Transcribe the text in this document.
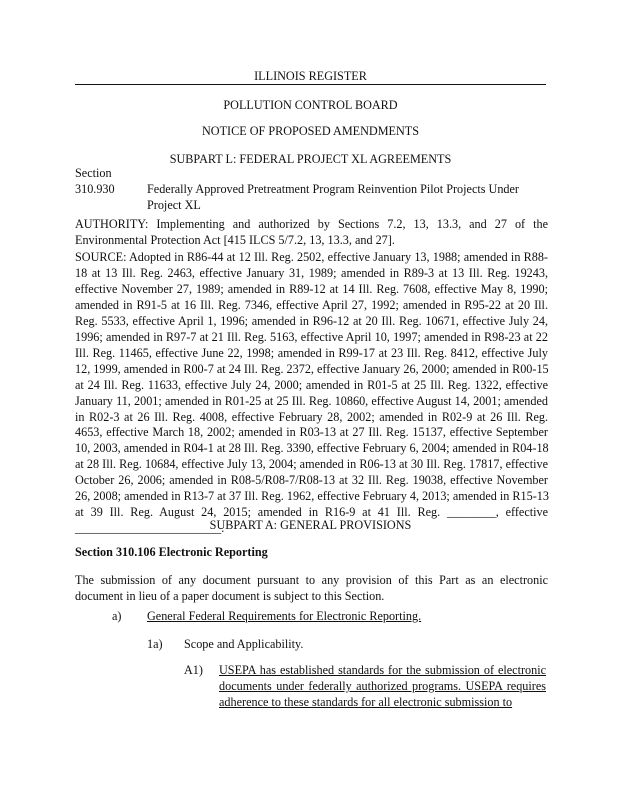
ILLINOIS REGISTER
POLLUTION CONTROL BOARD
NOTICE OF PROPOSED AMENDMENTS
SUBPART L: FEDERAL PROJECT XL AGREEMENTS
Section
310.930	Federally Approved Pretreatment Program Reinvention Pilot Projects Under Project XL
AUTHORITY: Implementing and authorized by Sections 7.2, 13, 13.3, and 27 of the Environmental Protection Act [415 ILCS 5/7.2, 13, 13.3, and 27].
SOURCE: Adopted in R86-44 at 12 Ill. Reg. 2502, effective January 13, 1988; amended in R88-
18 at 13 Ill. Reg. 2463, effective January 31, 1989; amended in R89-3 at 13 Ill. Reg. 19243,
effective November 27, 1989; amended in R89-12 at 14 Ill. Reg. 7608, effective May 8, 1990;
amended in R91-5 at 16 Ill. Reg. 7346, effective April 27, 1992; amended in R95-22 at 20 Ill.
Reg. 5533, effective April 1, 1996; amended in R96-12 at 20 Ill. Reg. 10671, effective July 24,
1996; amended in R97-7 at 21 Ill. Reg. 5163, effective April 10, 1997; amended in R98-23 at 22
Ill. Reg. 11465, effective June 22, 1998; amended in R99-17 at 23 Ill. Reg. 8412, effective July
12, 1999, amended in R00-7 at 24 Ill. Reg. 2372, effective January 26, 2000; amended in R00-15
at 24 Ill. Reg. 11633, effective July 24, 2000; amended in R01-5 at 25 Ill. Reg. 1322, effective
January 11, 2001; amended in R01-25 at 25 Ill. Reg. 10860, effective August 14, 2001; amended
in R02-3 at 26 Ill. Reg. 4008, effective February 28, 2002; amended in R02-9 at 26 Ill. Reg.
4653, effective March 18, 2002; amended in R03-13 at 27 Ill. Reg. 15137, effective September
10, 2003, amended in R04-1 at 28 Ill. Reg. 3390, effective February 6, 2004; amended in R04-18
at 28 Ill. Reg. 10684, effective July 13, 2004; amended in R06-13 at 30 Ill. Reg. 17817, effective
October 26, 2006; amended in R08-5/R08-7/R08-13 at 32 Ill. Reg. 19038, effective November
26, 2008; amended in R13-7 at 37 Ill. Reg. 1962, effective February 4, 2013; amended in R15-13
at 39 Ill. Reg. August 24, 2015; amended in R16-9 at 41 Ill. Reg. ________, effective
________________________.
SUBPART A: GENERAL PROVISIONS
Section 310.106 Electronic Reporting
The submission of any document pursuant to any provision of this Part as an electronic document in lieu of a paper document is subject to this Section.
a) General Federal Requirements for Electronic Reporting.
1a) Scope and Applicability.
A1) USEPA has established standards for the submission of electronic
documents under federally authorized programs. USEPA requires
adherence to these standards for all electronic submission to
